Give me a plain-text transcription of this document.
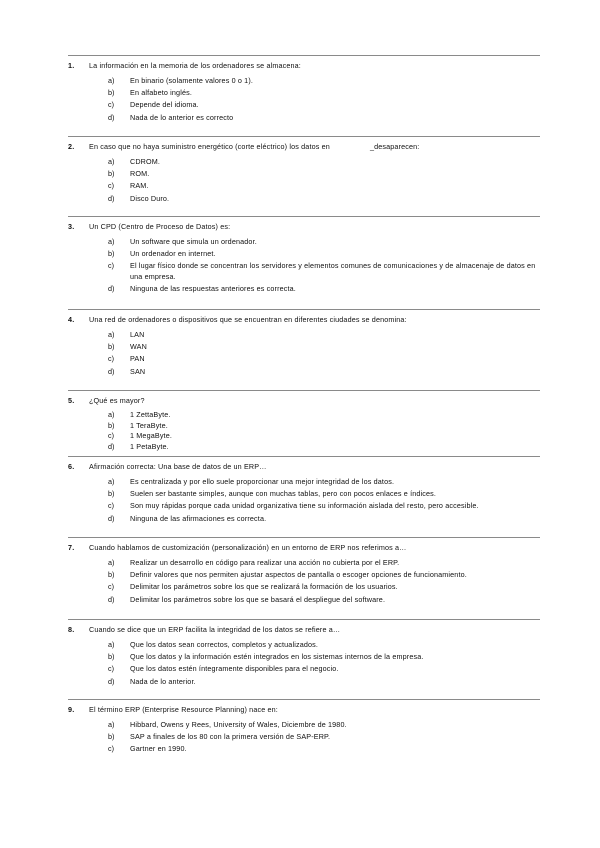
1.	La información en la memoria de los ordenadores se almacena:
a)	En binario (solamente valores 0 o 1).
b)	En alfabeto inglés.
c)	Depende del idioma.
d)	Nada de lo anterior es correcto
2.	En caso que no haya suministro energético (corte eléctrico) los datos en	_desaparecen:
a)	CDROM.
b)	ROM.
c)	RAM.
d)	Disco Duro.
3.	Un CPD (Centro de Proceso de Datos) es:
a)	Un software que simula un ordenador.
b)	Un ordenador en internet.
c)	El lugar físico donde se concentran los servidores y elementos comunes de comunicaciones y de almacenaje de datos en una empresa.
d)	Ninguna de las respuestas anteriores es correcta.
4.	Una red de ordenadores o dispositivos que se encuentran en diferentes ciudades se denomina:
a)	LAN
b)	WAN
c)	PAN
d)	SAN
5.	¿Qué es mayor?
a)	1 ZettaByte.
b)	1 TeraByte.
c)	1 MegaByte.
d)	1 PetaByte.
6.	Afirmación correcta: Una base de datos de un ERP…
a)	Es centralizada y por ello suele proporcionar una mejor integridad de los datos.
b)	Suelen ser bastante simples, aunque con muchas tablas, pero con pocos enlaces e índices.
c)	Son muy rápidas porque cada unidad organizativa tiene su información aislada del resto, pero accesible.
d)	Ninguna de las afirmaciones es correcta.
7.	Cuando hablamos de customización (personalización) en un entorno de ERP nos referimos a…
a)	Realizar un desarrollo en código para realizar una acción no cubierta por el ERP.
b)	Definir valores que nos permiten ajustar aspectos de pantalla o escoger opciones de funcionamiento.
c)	Delimitar los parámetros sobre los que se realizará la formación de los usuarios.
d)	Delimitar los parámetros sobre los que se basará el despliegue del software.
8.	Cuando se dice que un ERP facilita la integridad de los datos se refiere a…
a)	Que los datos sean correctos, completos y actualizados.
b)	Que los datos y la información estén integrados en los sistemas internos de la empresa.
c)	Que los datos estén íntegramente disponibles para el negocio.
d)	Nada de lo anterior.
9.	El término ERP (Enterprise Resource Planning) nace en:
a)	Hibbard, Owens y Rees, University of Wales, Diciembre de 1980.
b)	SAP a finales de los 80 con la primera versión de SAP-ERP.
c)	Gartner en 1990.
